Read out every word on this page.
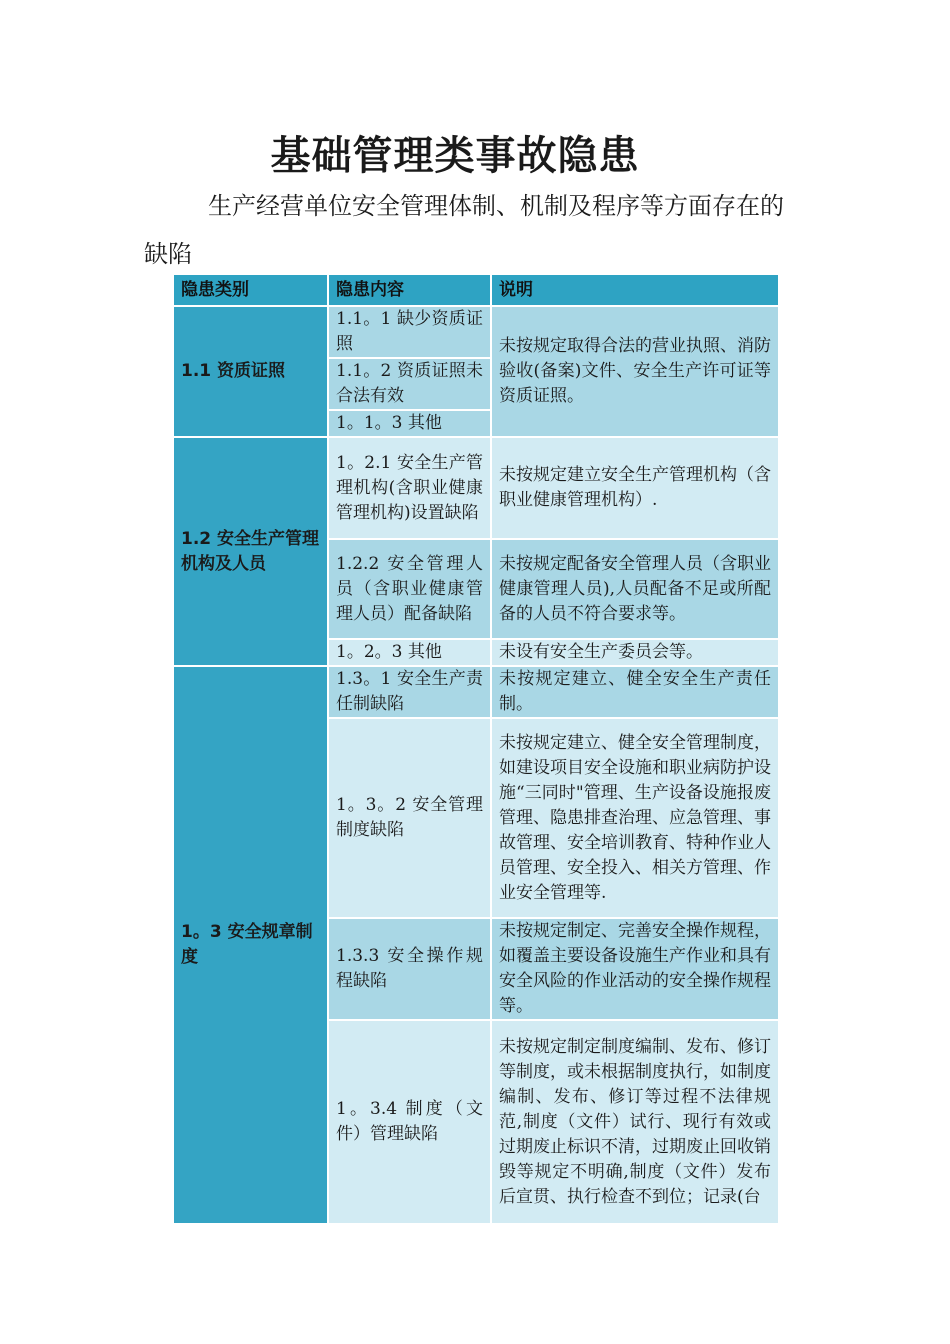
基础管理类事故隐患
生产经营单位安全管理体制、机制及程序等方面存在的缺陷
隐患类别	隐患内容	说明
1.1 资质证照	1.1。1 缺少资质证照	未按规定取得合法的营业执照、消防验收(备案)文件、安全生产许可证等资质证照。
	1.1。2 资质证照未合法有效	
	1。1。3 其他	
1.2 安全生产管理机构及人员	1。2.1 安全生产管理机构(含职业健康管理机构)设置缺陷	未按规定建立安全生产管理机构（含职业健康管理机构）.
	1.2.2 安全管理人员（含职业健康管理人员）配备缺陷	未按规定配备安全管理人员（含职业健康管理人员),人员配备不足或所配备的人员不符合要求等。
	1。2。3 其他	未设有安全生产委员会等。
1。3 安全规章制度	1.3。1 安全生产责任制缺陷	未按规定建立、健全安全生产责任制。
	1。3。2 安全管理制度缺陷	未按规定建立、健全安全管理制度，如建设项目安全设施和职业病防护设施“三同时"管理、生产设备设施报废管理、隐患排查治理、应急管理、事故管理、安全培训教育、特种作业人员管理、安全投入、相关方管理、作业安全管理等.
	1.3.3 安全操作规程缺陷	未按规定制定、完善安全操作规程，如覆盖主要设备设施生产作业和具有安全风险的作业活动的安全操作规程等。
	1。3.4 制度（文件）管理缺陷	未按规定制定制度编制、发布、修订等制度，或未根据制度执行，如制度编制、发布、修订等过程不法律规范,制度（文件）试行、现行有效或过期废止标识不清，过期废止回收销毁等规定不明确,制度（文件）发布后宣贯、执行检查不到位；记录(台
